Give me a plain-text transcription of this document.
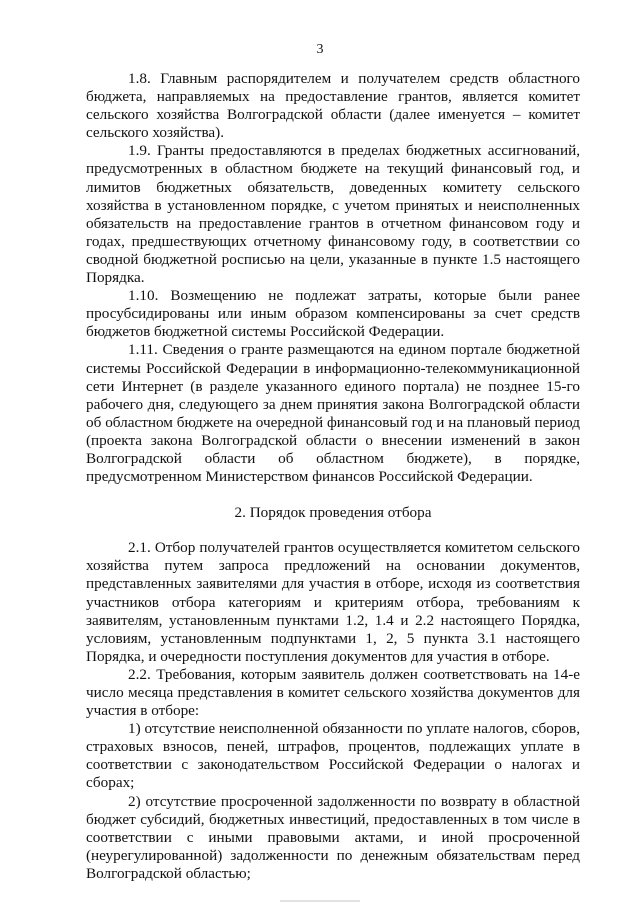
3

1.8. Главным распорядителем и получателем средств областного бюджета, направляемых на предоставление грантов, является комитет сельского хозяйства Волгоградской области (далее именуется – комитет сельского хозяйства).

1.9. Гранты предоставляются в пределах бюджетных ассигнований, предусмотренных в областном бюджете на текущий финансовый год, и лимитов бюджетных обязательств, доведенных комитету сельского хозяйства в установленном порядке, с учетом принятых и неисполненных обязательств на предоставление грантов в отчетном финансовом году и годах, предшествующих отчетному финансовому году, в соответствии со сводной бюджетной росписью на цели, указанные в пункте 1.5 настоящего Порядка.

1.10. Возмещению не подлежат затраты, которые были ранее просубсидированы или иным образом компенсированы за счет средств бюджетов бюджетной системы Российской Федерации.

1.11. Сведения о гранте размещаются на едином портале бюджетной системы Российской Федерации в информационно-телекоммуникационной сети Интернет (в разделе указанного единого портала) не позднее 15-го рабочего дня, следующего за днем принятия закона Волгоградской области об областном бюджете на очередной финансовый год и на плановый период (проекта закона Волгоградской области о внесении изменений в закон Волгоградской области об областном бюджете), в порядке, предусмотренном Министерством финансов Российской Федерации.

2. Порядок проведения отбора

2.1. Отбор получателей грантов осуществляется комитетом сельского хозяйства путем запроса предложений на основании документов, представленных заявителями для участия в отборе, исходя из соответствия участников отбора категориям и критериям отбора, требованиям к заявителям, установленным пунктами 1.2, 1.4 и 2.2 настоящего Порядка, условиям, установленным подпунктами 1, 2, 5 пункта 3.1 настоящего Порядка, и очередности поступления документов для участия в отборе.

2.2. Требования, которым заявитель должен соответствовать на 14-е число месяца представления в комитет сельского хозяйства документов для участия в отборе:

1) отсутствие неисполненной обязанности по уплате налогов, сборов, страховых взносов, пеней, штрафов, процентов, подлежащих уплате в соответствии с законодательством Российской Федерации о налогах и сборах;

2) отсутствие просроченной задолженности по возврату в областной бюджет субсидий, бюджетных инвестиций, предоставленных в том числе в соответствии с иными правовыми актами, и иной просроченной (неурегулированной) задолженности по денежным обязательствам перед Волгоградской областью;
